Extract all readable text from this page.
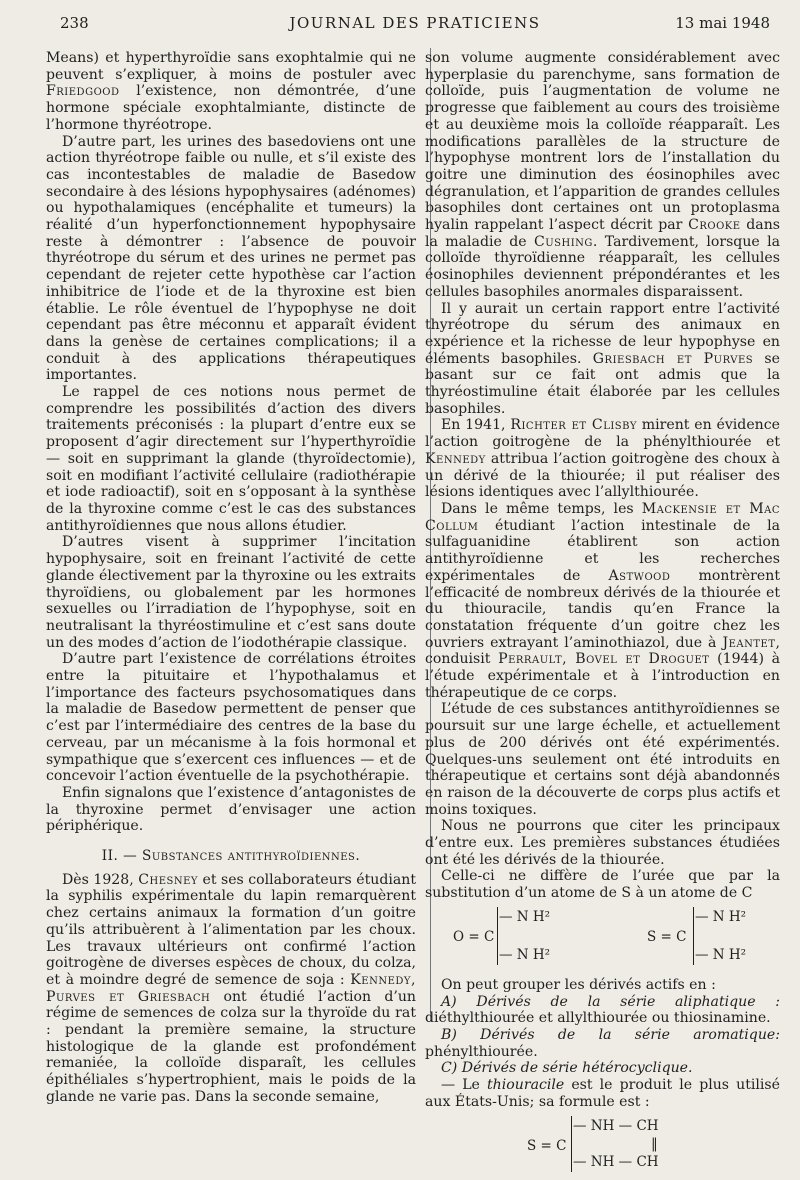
238	JOURNAL DES PRATICIENS	13 mai 1948

Means) et hyperthyroïdie sans exophtalmie qui ne peuvent s’expliquer, à moins de postuler avec Friedgood l’existence, non démontrée, d’une hormone spéciale exophtalmiante, distincte de l’hormone thyréotrope.

D’autre part, les urines des basedoviens ont une action thyréotrope faible ou nulle, et s’il existe des cas incontestables de maladie de Basedow secondaire à des lésions hypophysaires (adénomes) ou hypothalamiques (encéphalite et tumeurs) la réalité d’un hyperfonctionnement hypophysaire reste à démontrer : l’absence de pouvoir thyréotrope du sérum et des urines ne permet pas cependant de rejeter cette hypothèse car l’action inhibitrice de l’iode et de la thyroxine est bien établie. Le rôle éventuel de l’hypophyse ne doit cependant pas être méconnu et apparaît évident dans la genèse de certaines complications; il a conduit à des applications thérapeutiques importantes.

Le rappel de ces notions nous permet de comprendre les possibilités d’action des divers traitements préconisés : la plupart d’entre eux se proposent d’agir directement sur l’hyperthyroïdie — soit en supprimant la glande (thyroïdectomie), soit en modifiant l’activité cellulaire (radiothérapie et iode radioactif), soit en s’opposant à la synthèse de la thyroxine comme c’est le cas des substances antithyroïdiennes que nous allons étudier.

D’autres visent à supprimer l’incitation hypophysaire, soit en freinant l’activité de cette glande électivement par la thyroxine ou les extraits thyroïdiens, ou globalement par les hormones sexuelles ou l’irradiation de l’hypophyse, soit en neutralisant la thyréostimuline et c’est sans doute un des modes d’action de l’iodothérapie classique.

D’autre part l’existence de corrélations étroites entre la pituitaire et l’hypothalamus et l’importance des facteurs psychosomatiques dans la maladie de Basedow permettent de penser que c’est par l’intermédiaire des centres de la base du cerveau, par un mécanisme à la fois hormonal et sympathique que s’exercent ces influences — et de concevoir l’action éventuelle de la psychothérapie.

Enfin signalons que l’existence d’antagonistes de la thyroxine permet d’envisager une action périphérique.

II. — Substances antithyroïdiennes.

Dès 1928, Chesney et ses collaborateurs étudiant la syphilis expérimentale du lapin remarquèrent chez certains animaux la formation d’un goitre qu’ils attribuèrent à l’alimentation par les choux. Les travaux ultérieurs ont confirmé l’action goitrogène de diverses espèces de choux, du colza, et à moindre degré de semence de soja : Kennedy, Purves et Griesbach ont étudié l’action d’un régime de semences de colza sur la thyroïde du rat : pendant la première semaine, la structure histologique de la glande est profondément remaniée, la colloïde disparaît, les cellules épithéliales s’hypertrophient, mais le poids de la glande ne varie pas. Dans la seconde semaine,

son volume augmente considérablement avec hyperplasie du parenchyme, sans formation de colloïde, puis l’augmentation de volume ne progresse que faiblement au cours des troisième et au deuxième mois la colloïde réapparaît. Les modifications parallèles de la structure de l’hypophyse montrent lors de l’installation du goitre une diminution des éosinophiles avec dégranulation, et l’apparition de grandes cellules basophiles dont certaines ont un protoplasma hyalin rappelant l’aspect décrit par Crooke dans la maladie de Cushing. Tardivement, lorsque la colloïde thyroïdienne réapparaît, les cellules éosinophiles deviennent prépondérantes et les cellules basophiles anormales disparaissent.

Il y aurait un certain rapport entre l’activité thyréotrope du sérum des animaux en expérience et la richesse de leur hypophyse en éléments basophiles. Griesbach et Purves se basant sur ce fait ont admis que la thyréostimuline était élaborée par les cellules basophiles.

En 1941, Richter et Clisby mirent en évidence l’action goitrogène de la phénylthiourée et Kennedy attribua l’action goitrogène des choux à un dérivé de la thiourée; il put réaliser des lésions identiques avec l’allylthiourée.

Dans le même temps, les Mackensie et Mac Collum étudiant l’action intestinale de la sulfaguanidine établirent son action antithyroïdienne et les recherches expérimentales de Astwood montrèrent l’efficacité de nombreux dérivés de la thiourée et du thiouracile, tandis qu’en France la constatation fréquente d’un goitre chez les ouvriers extrayant l’aminothiazol, due à Jeantet, conduisit Perrault, Bovel et Droguet (1944) à l’étude expérimentale et à l’introduction en thérapeutique de ce corps.

L’étude de ces substances antithyroïdiennes se poursuit sur une large échelle, et actuellement plus de 200 dérivés ont été expérimentés. Quelques-uns seulement ont été introduits en thérapeutique et certains sont déjà abandonnés en raison de la découverte de corps plus actifs et moins toxiques.

Nous ne pourrons que citer les principaux d’entre eux. Les premières substances étudiées ont été les dérivés de la thiourée.

Celle-ci ne diffère de l’urée que par la substitution d’un atome de S à un atome de C

O = C
— N H²
— N H²
S = C
— N H²
— N H²

On peut grouper les dérivés actifs en :

A) Dérivés de la série aliphatique : diéthylthiourée et allylthiourée ou thiosinamine.

B) Dérivés de la série aromatique: phénylthiourée.

C) Dérivés de série hétérocyclique.

— Le thiouracile est le produit le plus utilisé aux États-Unis; sa formule est :

S = C
— NH — CH
‖
— NH — CH
